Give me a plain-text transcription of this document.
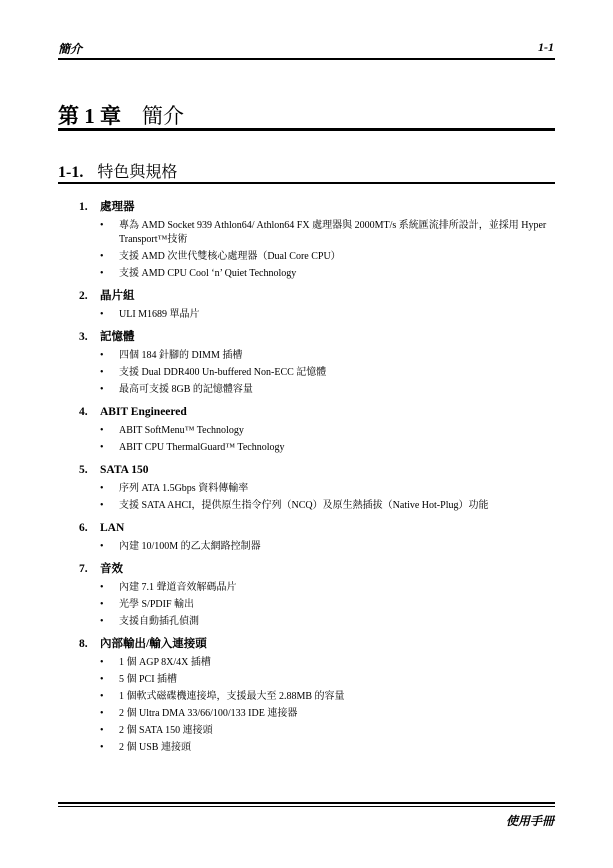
簡介	1-1
第 1 章 簡介
1-1. 特色與規格
1. 處理器
• 專為 AMD Socket 939 Athlon64/ Athlon64 FX 處理器與 2000MT/s 系統匯流排所設計，並採用 Hyper Transport™技術
• 支援 AMD 次世代雙核心處理器（Dual Core CPU）
• 支援 AMD CPU Cool ‘n’ Quiet Technology
2. 晶片組
• ULI M1689 單晶片
3. 記憶體
• 四個 184 針腳的 DIMM 插槽
• 支援 Dual DDR400 Un-buffered Non-ECC 記憶體
• 最高可支援 8GB 的記憶體容量
4. ABIT Engineered
• ABIT SoftMenu™ Technology
• ABIT CPU ThermalGuard™ Technology
5. SATA 150
• 序列 ATA 1.5Gbps 資料傳輸率
• 支援 SATA AHCI，提供原生指令佇列（NCQ）及原生熱插拔（Native Hot-Plug）功能
6. LAN
• 內建 10/100M 的乙太網路控制器
7. 音效
• 內建 7.1 聲道音效解碼晶片
• 光學 S/PDIF 輸出
• 支援自動插孔偵測
8. 內部輸出/輸入連接頭
• 1 個 AGP 8X/4X 插槽
• 5 個 PCI 插槽
• 1 個軟式磁碟機連接埠，支援最大至 2.88MB 的容量
• 2 個 Ultra DMA 33/66/100/133 IDE 連接器
• 2 個 SATA 150 連接頭
• 2 個 USB 連接頭
使用手冊
